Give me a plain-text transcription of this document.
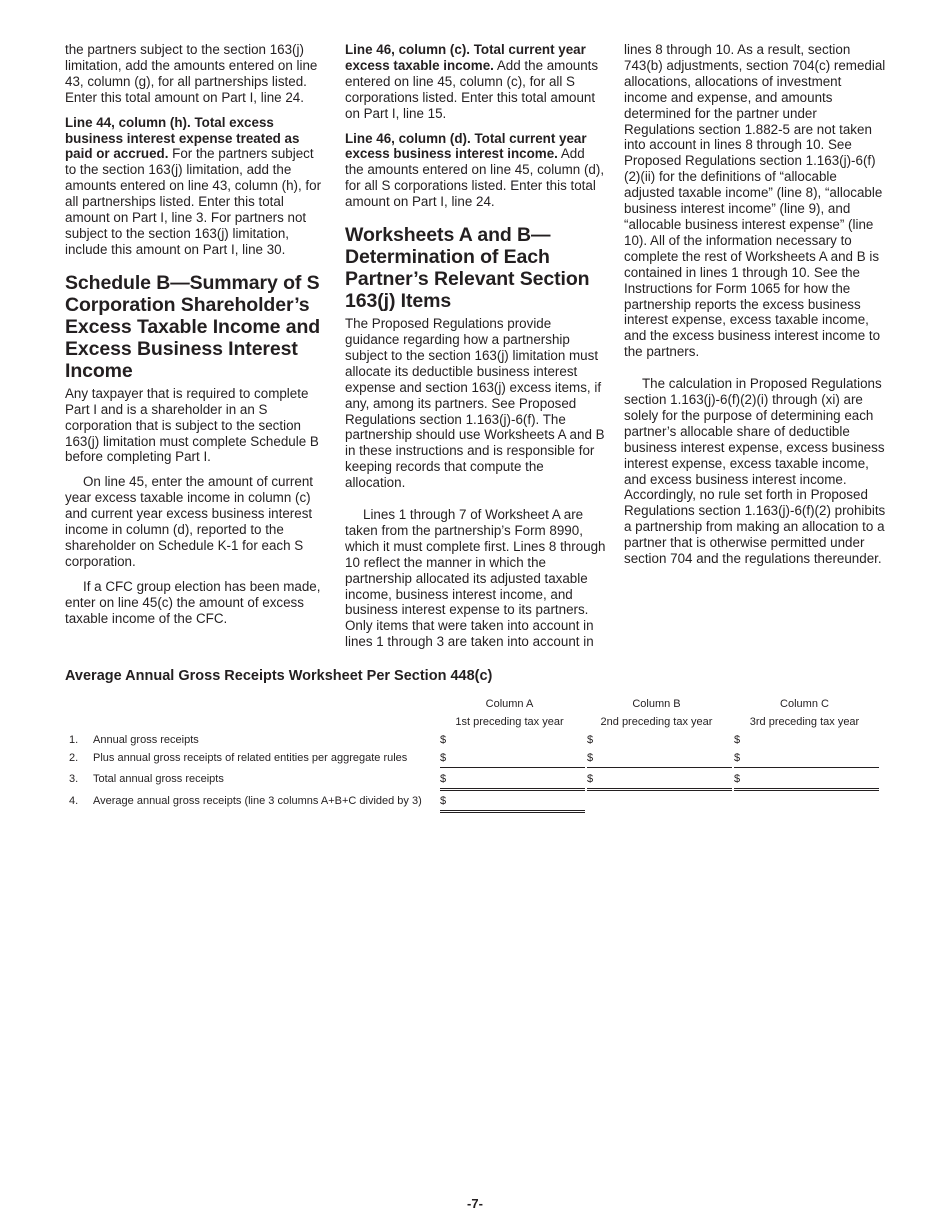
the partners subject to the section 163(j) limitation, add the amounts entered on line 43, column (g), for all partnerships listed. Enter this total amount on Part I, line 24.

Line 44, column (h). Total excess business interest expense treated as paid or accrued. For the partners subject to the section 163(j) limitation, add the amounts entered on line 43, column (h), for all partnerships listed. Enter this total amount on Part I, line 3. For partners not subject to the section 163(j) limitation, include this amount on Part I, line 30.

Schedule B—Summary of S Corporation Shareholder’s Excess Taxable Income and Excess Business Interest Income

Any taxpayer that is required to complete Part I and is a shareholder in an S corporation that is subject to the section 163(j) limitation must complete Schedule B before completing Part I.

On line 45, enter the amount of current year excess taxable income in column (c) and current year excess business interest income in column (d), reported to the shareholder on Schedule K-1 for each S corporation.

If a CFC group election has been made, enter on line 45(c) the amount of excess taxable income of the CFC.

Line 46, column (c). Total current year excess taxable income. Add the amounts entered on line 45, column (c), for all S corporations listed. Enter this total amount on Part I, line 15.

Line 46, column (d). Total current year excess business interest income. Add the amounts entered on line 45, column (d), for all S corporations listed. Enter this total amount on Part I, line 24.

Worksheets A and B—Determination of Each Partner’s Relevant Section 163(j) Items

The Proposed Regulations provide guidance regarding how a partnership subject to the section 163(j) limitation must allocate its deductible business interest expense and section 163(j) excess items, if any, among its partners. See Proposed Regulations section 1.163(j)-6(f). The partnership should use Worksheets A and B in these instructions and is responsible for keeping records that compute the allocation.

Lines 1 through 7 of Worksheet A are taken from the partnership’s Form 8990, which it must complete first. Lines 8 through 10 reflect the manner in which the partnership allocated its adjusted taxable income, business interest income, and business interest expense to its partners. Only items that were taken into account in lines 1 through 3 are taken into account in

lines 8 through 10. As a result, section 743(b) adjustments, section 704(c) remedial allocations, allocations of investment income and expense, and amounts determined for the partner under Regulations section 1.882-5 are not taken into account in lines 8 through 10. See Proposed Regulations section 1.163(j)-6(f)(2)(ii) for the definitions of “allocable adjusted taxable income” (line 8), “allocable business interest income” (line 9), and “allocable business interest expense” (line 10). All of the information necessary to complete the rest of Worksheets A and B is contained in lines 1 through 10. See the Instructions for Form 1065 for how the partnership reports the excess business interest expense, excess taxable income, and the excess business interest income to the partners.

The calculation in Proposed Regulations section 1.163(j)-6(f)(2)(i) through (xi) are solely for the purpose of determining each partner’s allocable share of deductible business interest expense, excess business interest expense, excess taxable income, and excess business interest income. Accordingly, no rule set forth in Proposed Regulations section 1.163(j)-6(f)(2) prohibits a partnership from making an allocation to a partner that is otherwise permitted under section 704 and the regulations thereunder.

Average Annual Gross Receipts Worksheet Per Section 448(c)
Column A	Column B	Column C
1st preceding tax year	2nd preceding tax year	3rd preceding tax year
1. Annual gross receipts	$	$	$
2. Plus annual gross receipts of related entities per aggregate rules	$	$	$
3. Total annual gross receipts	$	$	$
4. Average annual gross receipts (line 3 columns A+B+C divided by 3) $
-7-
